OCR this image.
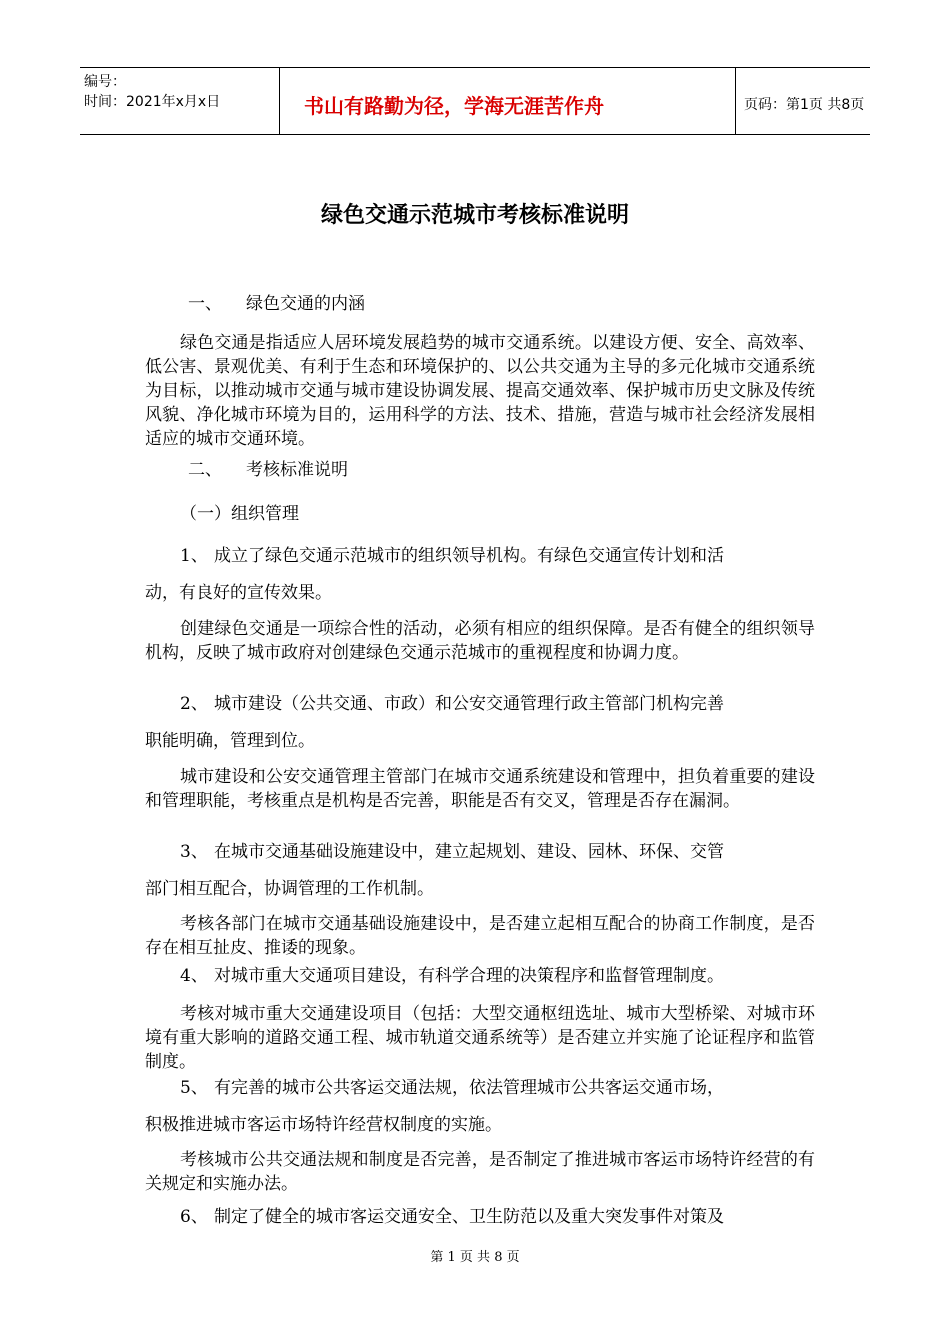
编号：
时间：2021年x月x日	书山有路勤为径，学海无涯苦作舟	页码：第1页 共8页
绿色交通示范城市考核标准说明
一、 绿色交通的内涵

绿色交通是指适应人居环境发展趋势的城市交通系统。以建设方便、安全、高效率、低公害、景观优美、有利于生态和环境保护的、以公共交通为主导的多元化城市交通系统为目标，以推动城市交通与城市建设协调发展、提高交通效率、保护城市历史文脉及传统风貌、净化城市环境为目的，运用科学的方法、技术、措施，营造与城市社会经济发展相适应的城市交通环境。

二、 考核标准说明
（一）组织管理
1、 成立了绿色交通示范城市的组织领导机构。有绿色交通宣传计划和活
动，有良好的宣传效果。

创建绿色交通是一项综合性的活动，必须有相应的组织保障。是否有健全的组织领导机构，反映了城市政府对创建绿色交通示范城市的重视程度和协调力度。

2、 城市建设（公共交通、市政）和公安交通管理行政主管部门机构完善
职能明确，管理到位。

城市建设和公安交通管理主管部门在城市交通系统建设和管理中，担负着重要的建设和管理职能，考核重点是机构是否完善，职能是否有交叉，管理是否存在漏洞。

3、 在城市交通基础设施建设中，建立起规划、建设、园林、环保、交管
部门相互配合，协调管理的工作机制。

考核各部门在城市交通基础设施建设中，是否建立起相互配合的协商工作制度，是否存在相互扯皮、推诿的现象。

4、 对城市重大交通项目建设，有科学合理的决策程序和监督管理制度。

考核对城市重大交通建设项目（包括：大型交通枢纽选址、城市大型桥梁、对城市环境有重大影响的道路交通工程、城市轨道交通系统等）是否建立并实施了论证程序和监管制度。

5、 有完善的城市公共客运交通法规，依法管理城市公共客运交通市场，
积极推进城市客运市场特许经营权制度的实施。

考核城市公共交通法规和制度是否完善，是否制定了推进城市客运市场特许经营的有关规定和实施办法。

6、 制定了健全的城市客运交通安全、卫生防范以及重大突发事件对策及
第 1 页 共 8 页
